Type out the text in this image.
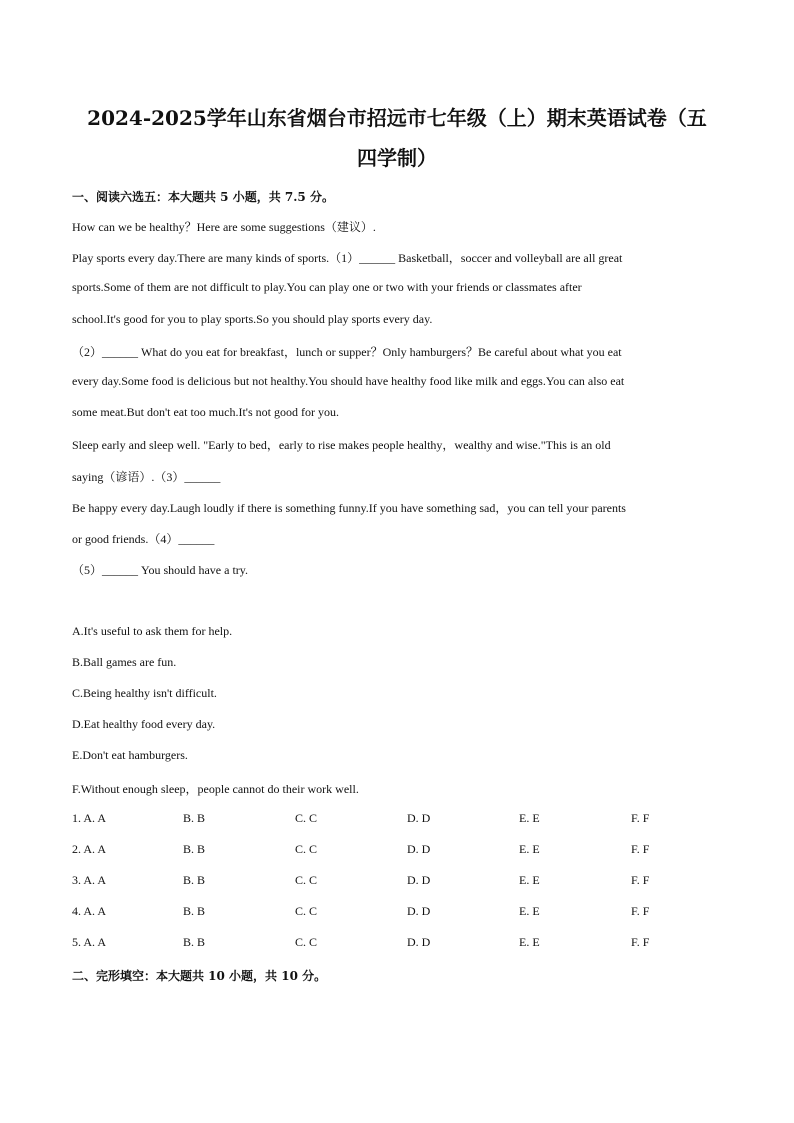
2024-2025学年山东省烟台市招远市七年级（上）期末英语试卷（五
四学制）

一、阅读六选五：本大题共 5 小题，共 7.5 分。

How can we be healthy？Here are some suggestions（建议）.

Play sports every day.There are many kinds of sports.（1）______ Basketball，soccer and volleyball are all great

sports.Some of them are not difficult to play.You can play one or two with your friends or classmates after

school.It's good for you to play sports.So you should play sports every day.

（2）______ What do you eat for breakfast，lunch or supper？Only hamburgers？Be careful about what you eat

every day.Some food is delicious but not healthy.You should have healthy food like milk and eggs.You can also eat

some meat.But don't eat too much.It's not good for you.

Sleep early and sleep well. "Early to bed，early to rise makes people healthy，wealthy and wise."This is an old

saying（谚语）.（3）______

Be happy every day.Laugh loudly if there is something funny.If you have something sad，you can tell your parents

or good friends.（4）______

（5）______ You should have a try.

A.It's useful to ask them for help.

B.Ball games are fun.

C.Being healthy isn't difficult.

D.Eat healthy food every day.

E.Don't eat hamburgers.

F.Without enough sleep，people cannot do their work well.

1. A. A	B. B	C. C	D. D	E. E	F. F
2. A. A	B. B	C. C	D. D	E. E	F. F
3. A. A	B. B	C. C	D. D	E. E	F. F
4. A. A	B. B	C. C	D. D	E. E	F. F
5. A. A	B. B	C. C	D. D	E. E	F. F

二、完形填空：本大题共 10 小题，共 10 分。
